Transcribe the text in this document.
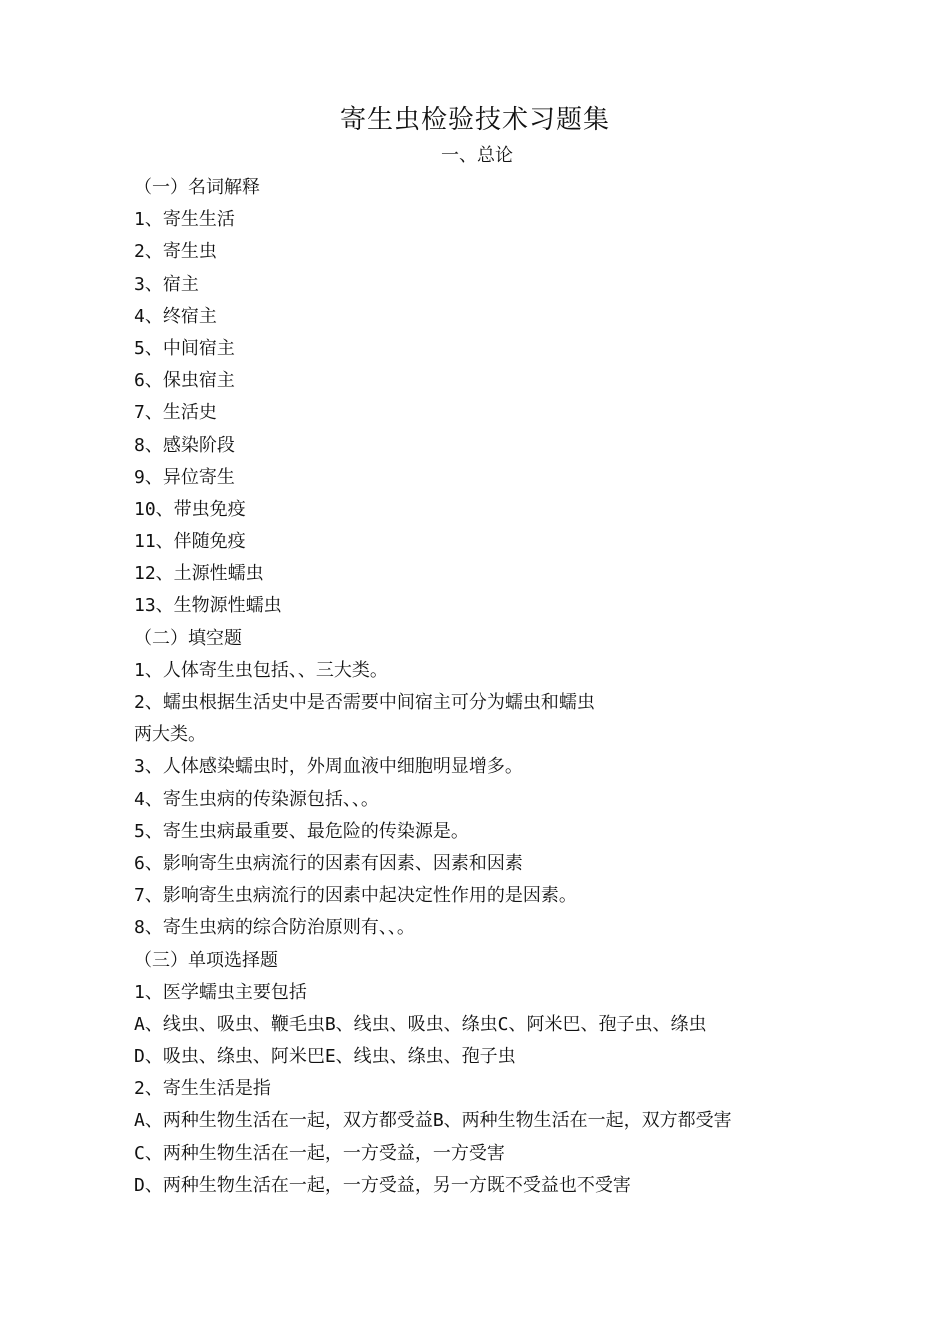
寄生虫检验技术习题集
一、总论
（一）名词解释
1、寄生生活
2、寄生虫
3、宿主
4、终宿主
5、中间宿主
6、保虫宿主
7、生活史
8、感染阶段
9、异位寄生
10、带虫免疫
11、伴随免疫
12、土源性蠕虫
13、生物源性蠕虫
（二）填空题
1、人体寄生虫包括、、三大类。
2、蠕虫根据生活史中是否需要中间宿主可分为蠕虫和蠕虫
两大类。
3、人体感染蠕虫时，外周血液中细胞明显增多。
4、寄生虫病的传染源包括、、。
5、寄生虫病最重要、最危险的传染源是。
6、影响寄生虫病流行的因素有因素、因素和因素
7、影响寄生虫病流行的因素中起决定性作用的是因素。
8、寄生虫病的综合防治原则有、、。
（三）单项选择题
1、医学蠕虫主要包括
A、线虫、吸虫、鞭毛虫B、线虫、吸虫、绦虫C、阿米巴、孢子虫、绦虫
D、吸虫、绦虫、阿米巴E、线虫、绦虫、孢子虫
2、寄生生活是指
A、两种生物生活在一起，双方都受益B、两种生物生活在一起，双方都受害
C、两种生物生活在一起，一方受益，一方受害
D、两种生物生活在一起，一方受益，另一方既不受益也不受害
